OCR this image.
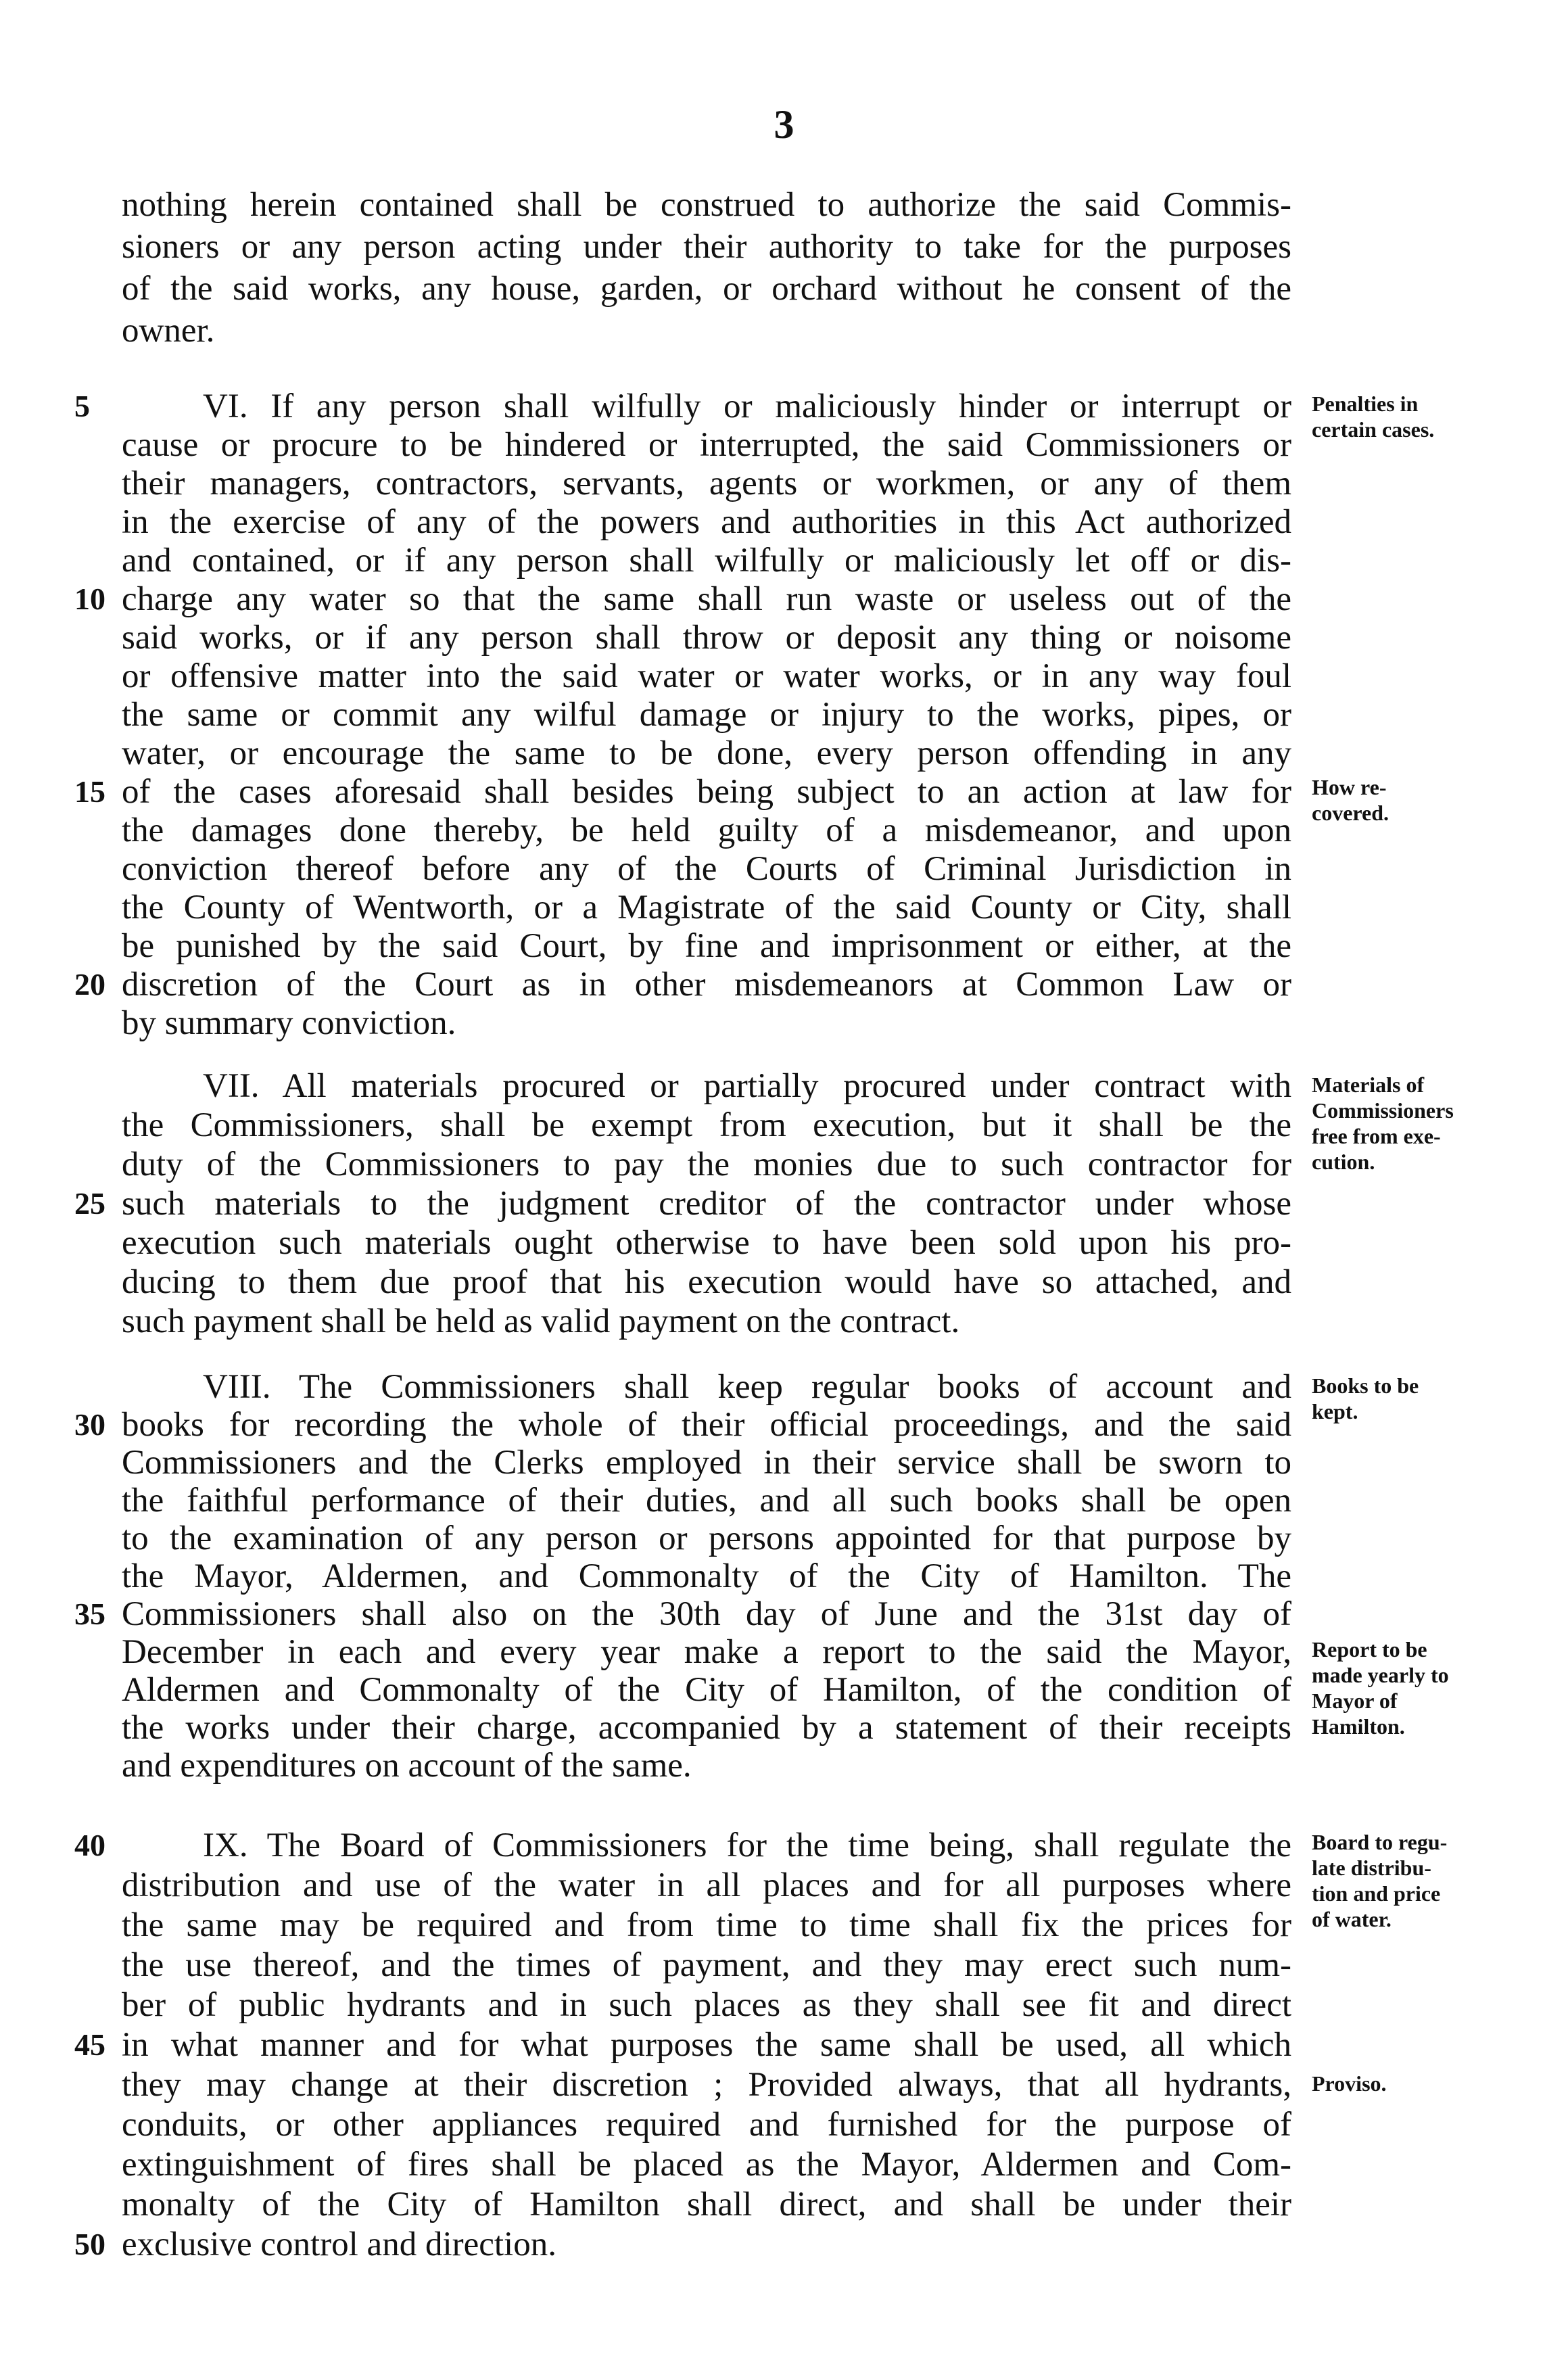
3
nothing herein contained shall be construed to authorize the said Commis-
sioners or any person acting under their authority to take for the purposes
of the said works, any house, garden, or orchard without he consent of the
owner.
VI. If any person shall wilfully or maliciously hinder or interrupt or
cause or procure to be hindered or interrupted, the said Commissioners or
their managers, contractors, servants, agents or workmen, or any of them
in the exercise of any of the powers and authorities in this Act authorized
and contained, or if any person shall wilfully or maliciously let off or dis-
charge any water so that the same shall run waste or useless out of the
said works, or if any person shall throw or deposit any thing or noisome
or offensive matter into the said water or water works, or in any way foul
the same or commit any wilful damage or injury to the works, pipes, or
water, or encourage the same to be done, every person offending in any
of the cases aforesaid shall besides being subject to an action at law for
the damages done thereby, be held guilty of a misdemeanor, and upon
conviction thereof before any of the Courts of Criminal Jurisdiction in
the County of Wentworth, or a Magistrate of the said County or City, shall
be punished by the said Court, by fine and imprisonment or either, at the
discretion of the Court as in other misdemeanors at Common Law or
by summary conviction.
VII. All materials procured or partially procured under contract with
the Commissioners, shall be exempt from execution, but it shall be the
duty of the Commissioners to pay the monies due to such contractor for
such materials to the judgment creditor of the contractor under whose
execution such materials ought otherwise to have been sold upon his pro-
ducing to them due proof that his execution would have so attached, and
such payment shall be held as valid payment on the contract.
VIII. The Commissioners shall keep regular books of account and
books for recording the whole of their official proceedings, and the said
Commissioners and the Clerks employed in their service shall be sworn to
the faithful performance of their duties, and all such books shall be open
to the examination of any person or persons appointed for that purpose by
the Mayor, Aldermen, and Commonalty of the City of Hamilton. The
Commissioners shall also on the 30th day of June and the 31st day of
December in each and every year make a report to the said the Mayor,
Aldermen and Commonalty of the City of Hamilton, of the condition of
the works under their charge, accompanied by a statement of their receipts
and expenditures on account of the same.
IX. The Board of Commissioners for the time being, shall regulate the
distribution and use of the water in all places and for all purposes where
the same may be required and from time to time shall fix the prices for
the use thereof, and the times of payment, and they may erect such num-
ber of public hydrants and in such places as they shall see fit and direct
in what manner and for what purposes the same shall be used, all which
they may change at their discretion ; Provided always, that all hydrants,
conduits, or other appliances required and furnished for the purpose of
extinguishment of fires shall be placed as the Mayor, Aldermen and Com-
monalty of the City of Hamilton shall direct, and shall be under their
exclusive control and direction.
5
10
15
20
25
30
35
40
45
50
Penalties in
certain cases.
How re-
covered.
Materials of
Commissioners
free from exe-
cution.
Books to be
kept.
Report to be
made yearly to
Mayor of
Hamilton.
Board to regu-
late distribu-
tion and price
of water.
Proviso.
